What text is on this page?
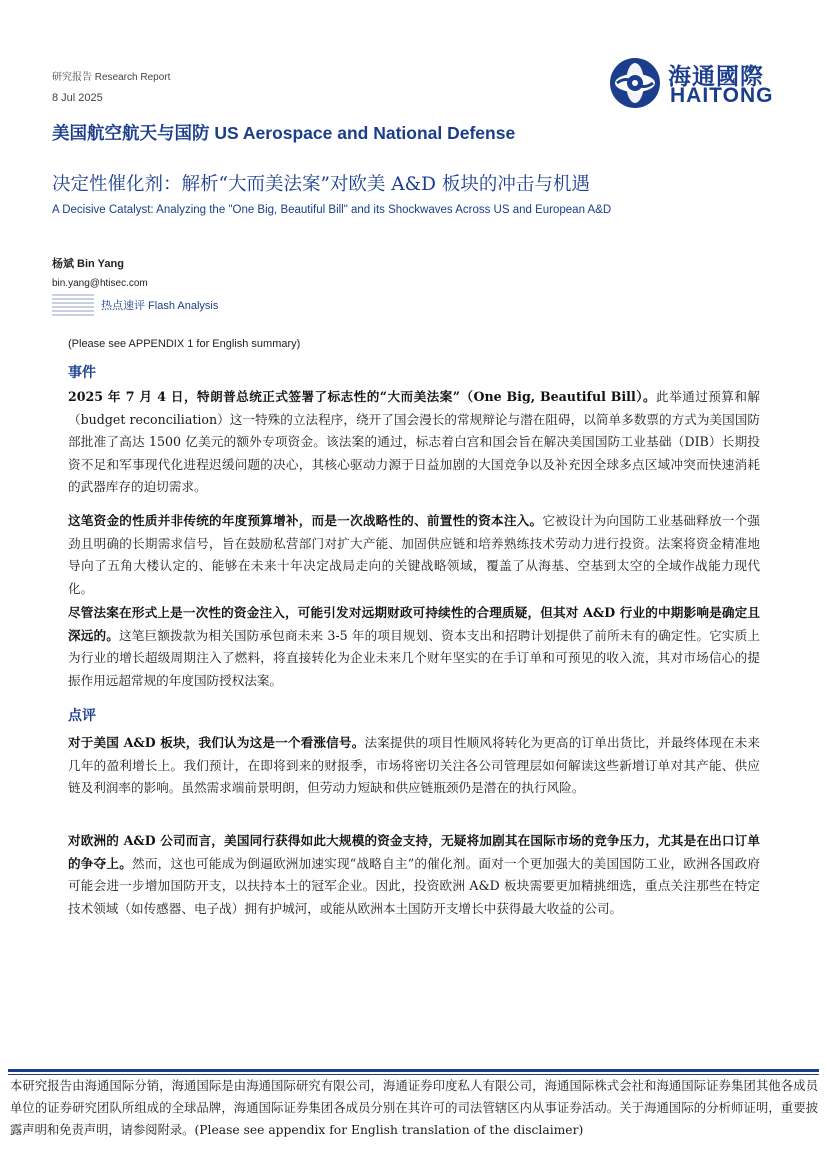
研究报告 Research Report
8 Jul 2025
海通國際
HAITONG
美国航空航天与国防 US Aerospace and National Defense
决定性催化剂：解析“大而美法案”对欧美 A&D 板块的冲击与机遇
A Decisive Catalyst: Analyzing the "One Big, Beautiful Bill" and its Shockwaves Across US and European A&D
杨斌 Bin Yang
bin.yang@htisec.com
热点速评 Flash Analysis
(Please see APPENDIX 1 for English summary)
事件
2025 年 7 月 4 日，特朗普总统正式签署了标志性的“大而美法案”（One Big, Beautiful Bill）。此举通过预算和解（budget reconciliation）这一特殊的立法程序，绕开了国会漫长的常规辩论与潜在阻碍，以简单多数票的方式为美国国防部批准了高达 1500 亿美元的额外专项资金。该法案的通过，标志着白宫和国会旨在解决美国国防工业基础（DIB）长期投资不足和军事现代化进程迟缓问题的决心，其核心驱动力源于日益加剧的大国竞争以及补充因全球多点区域冲突而快速消耗的武器库存的迫切需求。
这笔资金的性质并非传统的年度预算增补，而是一次战略性的、前置性的资本注入。它被设计为向国防工业基础释放一个强劲且明确的长期需求信号，旨在鼓励私营部门对扩大产能、加固供应链和培养熟练技术劳动力进行投资。法案将资金精准地导向了五角大楼认定的、能够在未来十年决定战局走向的关键战略领域，覆盖了从海基、空基到太空的全域作战能力现代化。
尽管法案在形式上是一次性的资金注入，可能引发对远期财政可持续性的合理质疑，但其对 A&D 行业的中期影响是确定且深远的。这笔巨额拨款为相关国防承包商未来 3-5 年的项目规划、资本支出和招聘计划提供了前所未有的确定性。它实质上为行业的增长超级周期注入了燃料，将直接转化为企业未来几个财年坚实的在手订单和可预见的收入流，其对市场信心的提振作用远超常规的年度国防授权法案。
点评
对于美国 A&D 板块，我们认为这是一个看涨信号。法案提供的项目性顺风将转化为更高的订单出货比，并最终体现在未来几年的盈利增长上。我们预计，在即将到来的财报季，市场将密切关注各公司管理层如何解读这些新增订单对其产能、供应链及利润率的影响。虽然需求端前景明朗，但劳动力短缺和供应链瓶颈仍是潜在的执行风险。
对欧洲的 A&D 公司而言，美国同行获得如此大规模的资金支持，无疑将加剧其在国际市场的竞争压力，尤其是在出口订单的争夺上。然而，这也可能成为倒逼欧洲加速实现“战略自主”的催化剂。面对一个更加强大的美国国防工业，欧洲各国政府可能会进一步增加国防开支，以扶持本土的冠军企业。因此，投资欧洲 A&D 板块需要更加精挑细选，重点关注那些在特定技术领域（如传感器、电子战）拥有护城河，或能从欧洲本土国防开支增长中获得最大收益的公司。
本研究报告由海通国际分销，海通国际是由海通国际研究有限公司，海通证券印度私人有限公司，海通国际株式会社和海通国际证券集团其他各成员单位的证券研究团队所组成的全球品牌，海通国际证券集团各成员分别在其许可的司法管辖区内从事证券活动。关于海通国际的分析师证明，重要披露声明和免责声明，请参阅附录。(Please see appendix for English translation of the disclaimer)
